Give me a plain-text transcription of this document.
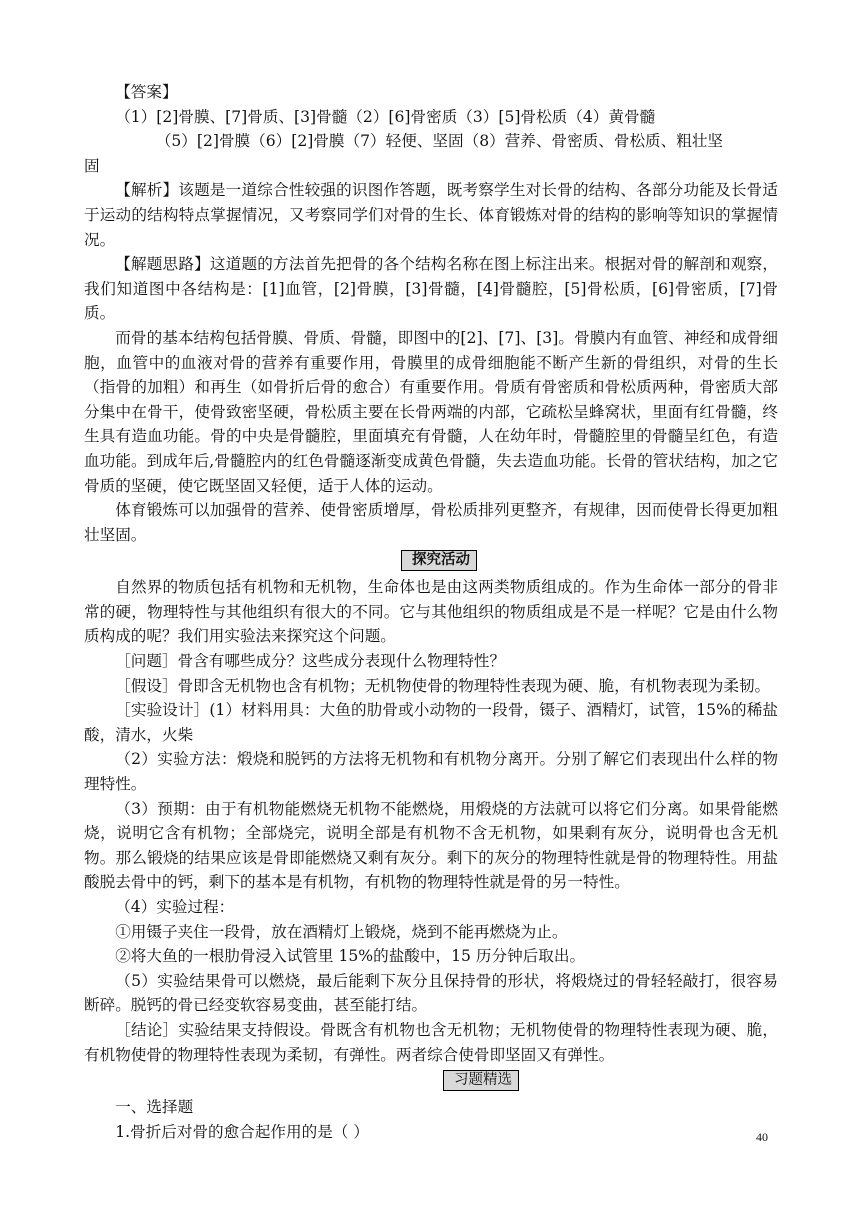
【答案】

（1）[2]骨膜、[7]骨质、[3]骨髓（2）[6]骨密质（3）[5]骨松质（4）黄骨髓

（5）[2]骨膜（6）[2]骨膜（7）轻便、坚固（8）营养、骨密质、骨松质、粗壮坚

固

【解析】该题是一道综合性较强的识图作答题，既考察学生对长骨的结构、各部分功能及长骨适于运动的结构特点掌握情况，又考察同学们对骨的生长、体育锻炼对骨的结构的影响等知识的掌握情况。

【解题思路】这道题的方法首先把骨的各个结构名称在图上标注出来。根据对骨的解剖和观察，我们知道图中各结构是：[1]血管，[2]骨膜，[3]骨髓，[4]骨髓腔，[5]骨松质，[6]骨密质，[7]骨质。

而骨的基本结构包括骨膜、骨质、骨髓，即图中的[2]、[7]、[3]。骨膜内有血管、神经和成骨细胞，血管中的血液对骨的营养有重要作用，骨膜里的成骨细胞能不断产生新的骨组织，对骨的生长（指骨的加粗）和再生（如骨折后骨的愈合）有重要作用。骨质有骨密质和骨松质两种，骨密质大部分集中在骨干，使骨致密坚硬，骨松质主要在长骨两端的内部，它疏松呈蜂窝状，里面有红骨髓，终生具有造血功能。骨的中央是骨髓腔，里面填充有骨髓，人在幼年时，骨髓腔里的骨髓呈红色，有造血功能。到成年后,骨髓腔内的红色骨髓逐渐变成黄色骨髓，失去造血功能。长骨的管状结构，加之它骨质的坚硬，使它既坚固又轻便，适于人体的运动。

体育锻炼可以加强骨的营养、使骨密质增厚，骨松质排列更整齐，有规律，因而使骨长得更加粗壮坚固。

探究活动

自然界的物质包括有机物和无机物，生命体也是由这两类物质组成的。作为生命体一部分的骨非常的硬，物理特性与其他组织有很大的不同。它与其他组织的物质组成是不是一样呢？它是由什么物质构成的呢？我们用实验法来探究这个问题。

［问题］骨含有哪些成分？这些成分表现什么物理特性？

［假设］骨即含无机物也含有机物；无机物使骨的物理特性表现为硬、脆，有机物表现为柔韧。

［实验设计］(1）材料用具：大鱼的肋骨或小动物的一段骨，镊子、酒精灯，试管，15%的稀盐酸，清水，火柴

（2）实验方法：煅烧和脱钙的方法将无机物和有机物分离开。分别了解它们表现出什么样的物理特性。

（3）预期：由于有机物能燃烧无机物不能燃烧，用煅烧的方法就可以将它们分离。如果骨能燃烧，说明它含有机物；全部烧完，说明全部是有机物不含无机物，如果剩有灰分，说明骨也含无机物。那么锻烧的结果应该是骨即能燃烧又剩有灰分。剩下的灰分的物理特性就是骨的物理特性。用盐酸脱去骨中的钙，剩下的基本是有机物，有机物的物理特性就是骨的另一特性。

（4）实验过程：

①用镊子夹住一段骨，放在酒精灯上锻烧，烧到不能再燃烧为止。

②将大鱼的一根肋骨浸入试管里 15%的盐酸中，15 历分钟后取出。

（5）实验结果骨可以燃烧，最后能剩下灰分且保持骨的形状，将煅烧过的骨轻轻敲打，很容易断碎。脱钙的骨已经变软容易变曲，甚至能打结。

［结论］实验结果支持假设。骨既含有机物也含无机物；无机物使骨的物理特性表现为硬、脆，有机物使骨的物理特性表现为柔韧，有弹性。两者综合使骨即坚固又有弹性。

习题精选

一、选择题

1.骨折后对骨的愈合起作用的是（ ）	40
